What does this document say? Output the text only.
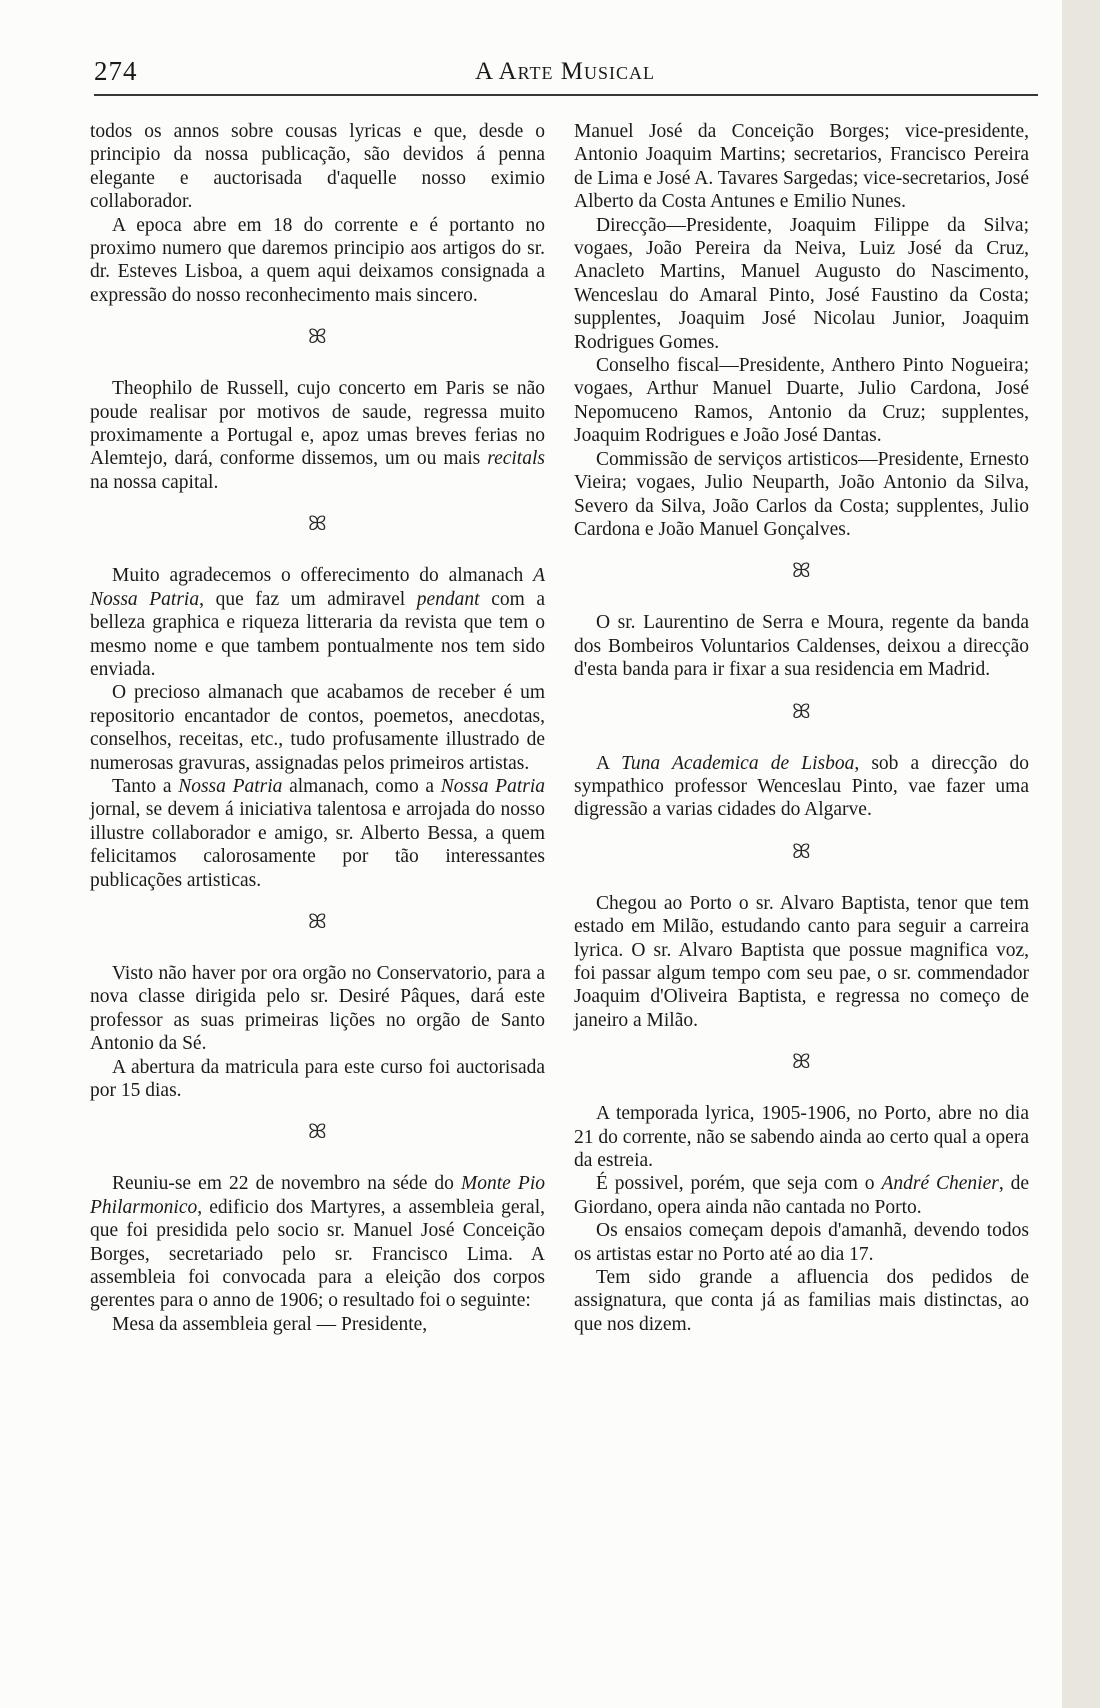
274	A Arte Musical

todos os annos sobre cousas lyricas e que, desde o principio da nossa publicação, são devidos á penna elegante e auctorisada d'aquelle nosso eximio collaborador.

A epoca abre em 18 do corrente e é portanto no proximo numero que daremos principio aos artigos do sr. dr. Esteves Lisboa, a quem aqui deixamos consignada a expressão do nosso reconhecimento mais sincero.

ꕤ

Theophilo de Russell, cujo concerto em Paris se não poude realisar por motivos de saude, regressa muito proximamente a Portugal e, apoz umas breves ferias no Alemtejo, dará, conforme dissemos, um ou mais recitals na nossa capital.

ꕤ

Muito agradecemos o offerecimento do almanach A Nossa Patria, que faz um admiravel pendant com a belleza graphica e riqueza litteraria da revista que tem o mesmo nome e que tambem pontualmente nos tem sido enviada.

O precioso almanach que acabamos de receber é um repositorio encantador de contos, poemetos, anecdotas, conselhos, receitas, etc., tudo profusamente illustrado de numerosas gravuras, assignadas pelos primeiros artistas.

Tanto a Nossa Patria almanach, como a Nossa Patria jornal, se devem á iniciativa talentosa e arrojada do nosso illustre collaborador e amigo, sr. Alberto Bessa, a quem felicitamos calorosamente por tão interessantes publicações artisticas.

ꕤ

Visto não haver por ora orgão no Conservatorio, para a nova classe dirigida pelo sr. Desiré Pâques, dará este professor as suas primeiras lições no orgão de Santo Antonio da Sé.

A abertura da matricula para este curso foi auctorisada por 15 dias.

ꕤ

Reuniu-se em 22 de novembro na séde do Monte Pio Philarmonico, edificio dos Martyres, a assembleia geral, que foi presidida pelo socio sr. Manuel José Conceição Borges, secretariado pelo sr. Francisco Lima. A assembleia foi convocada para a eleição dos corpos gerentes para o anno de 1906; o resultado foi o seguinte:

Mesa da assembleia geral — Presidente,

Manuel José da Conceição Borges; vice-presidente, Antonio Joaquim Martins; secretarios, Francisco Pereira de Lima e José A. Tavares Sargedas; vice-secretarios, José Alberto da Costa Antunes e Emilio Nunes.

Direcção—Presidente, Joaquim Filippe da Silva; vogaes, João Pereira da Neiva, Luiz José da Cruz, Anacleto Martins, Manuel Augusto do Nascimento, Wenceslau do Amaral Pinto, José Faustino da Costa; supplentes, Joaquim José Nicolau Junior, Joaquim Rodrigues Gomes.

Conselho fiscal—Presidente, Anthero Pinto Nogueira; vogaes, Arthur Manuel Duarte, Julio Cardona, José Nepomuceno Ramos, Antonio da Cruz; supplentes, Joaquim Rodrigues e João José Dantas.

Commissão de serviços artisticos—Presidente, Ernesto Vieira; vogaes, Julio Neuparth, João Antonio da Silva, Severo da Silva, João Carlos da Costa; supplentes, Julio Cardona e João Manuel Gonçalves.

ꕤ

O sr. Laurentino de Serra e Moura, regente da banda dos Bombeiros Voluntarios Caldenses, deixou a direcção d'esta banda para ir fixar a sua residencia em Madrid.

ꕤ

A Tuna Academica de Lisboa, sob a direcção do sympathico professor Wenceslau Pinto, vae fazer uma digressão a varias cidades do Algarve.

ꕤ

Chegou ao Porto o sr. Alvaro Baptista, tenor que tem estado em Milão, estudando canto para seguir a carreira lyrica. O sr. Alvaro Baptista que possue magnifica voz, foi passar algum tempo com seu pae, o sr. commendador Joaquim d'Oliveira Baptista, e regressa no começo de janeiro a Milão.

ꕤ

A temporada lyrica, 1905-1906, no Porto, abre no dia 21 do corrente, não se sabendo ainda ao certo qual a opera da estreia.

É possivel, porém, que seja com o André Chenier, de Giordano, opera ainda não cantada no Porto.

Os ensaios começam depois d'amanhã, devendo todos os artistas estar no Porto até ao dia 17.

Tem sido grande a afluencia dos pedidos de assignatura, que conta já as familias mais distinctas, ao que nos dizem.
